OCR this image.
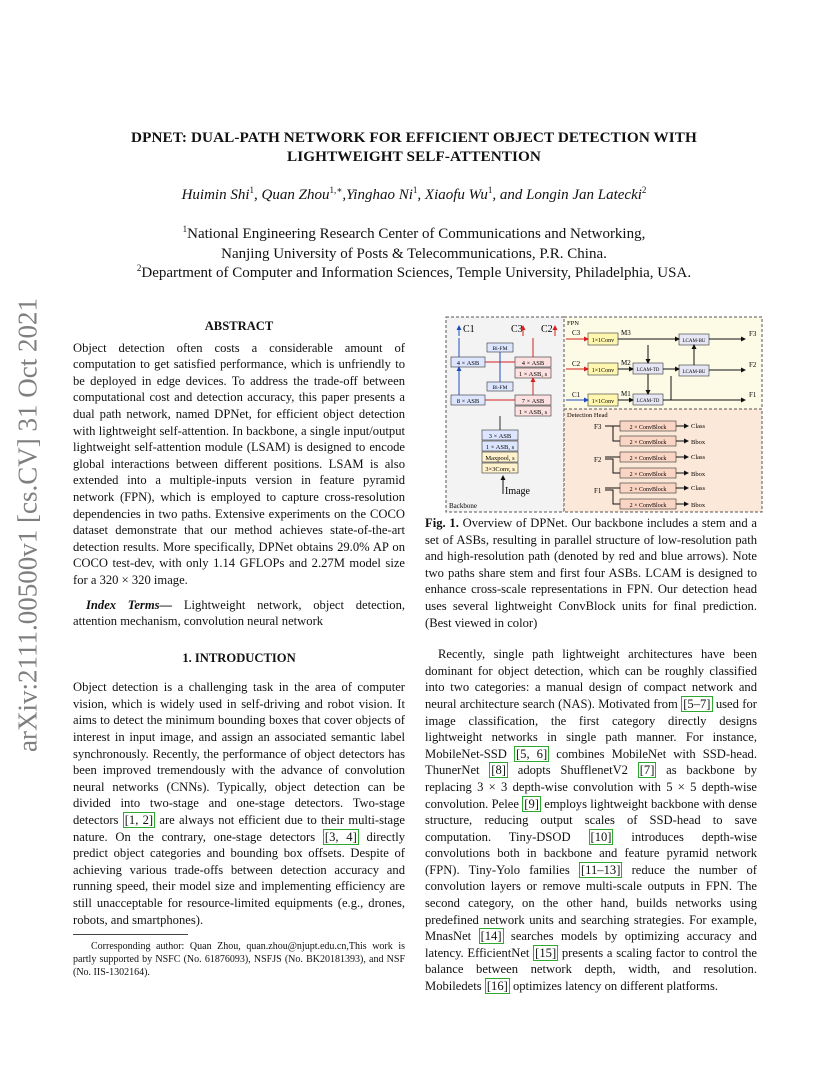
DPNET: DUAL-PATH NETWORK FOR EFFICIENT OBJECT DETECTION WITH
LIGHTWEIGHT SELF-ATTENTION
Huimin Shi$^1$, Quan Zhou$^{1,∗}$,Yinghao Ni$^1$, Xiaofu Wu$^1$, and Longin Jan Latecki$^2$
$^1$National Engineering Research Center of Communications and Networking,
Nanjing University of Posts & Telecommunications, P.R. China.
$^2$Department of Computer and Information Sciences, Temple University, Philadelphia, USA.
arXiv:2111.00500v1 [cs.CV] 31 Oct 2021	ABSTRACT

Object detection often costs a considerable amount of computation to get satisfied performance, which is unfriendly to be deployed in edge devices. To address the trade-off between computational cost and detection accuracy, this paper presents a dual path network, named DPNet, for efficient object detection with lightweight self-attention. In backbone, a single input/output lightweight self-attention module (LSAM) is designed to encode global interactions between different positions. LSAM is also extended into a multiple-inputs version in feature pyramid network (FPN), which is employed to capture cross-resolution dependencies in two paths. Extensive experiments on the COCO dataset demonstrate that our method achieves state-of-the-art detection results. More specifically, DPNet obtains 29.0% AP on COCO test-dev, with only 1.14 GFLOPs and 2.27M model size for a 320 × 320 image.

Index Terms— Lightweight network, object detection, attention mechanism, convolution neural network

1. INTRODUCTION

Object detection is a challenging task in the area of computer vision, which is widely used in self-driving and robot vision. It aims to detect the minimum bounding boxes that cover objects of interest in input image, and assign an associated semantic label synchronously. Recently, the performance of object detectors has been improved tremendously with the advance of convolution neural networks (CNNs). Typically, object detection can be divided into two-stage and one-stage detectors. Two-stage detectors [1, 2] are always not efficient due to their multi-stage nature. On the contrary, one-stage detectors [3, 4] directly predict object categories and bounding box offsets. Despite of achieving various trade-offs between detection accuracy and running speed, their model size and implementing efficiency are still unacceptable for resource-limited equipments (e.g., drones, robots, and smartphones).

Corresponding author: Quan Zhou, quan.zhou@njupt.edu.cn,This work is partly supported by NSFC (No. 61876093), NSFJS (No. BK20181393), and NSF (No. IIS-1302164).
C1	C3 C2
Bi-FM
4 × ASB	4 × ASB
1 × ASB, s
Bi-FM
8 × ASB	7 × ASB
1 × ASB, s
3 × ASB
1 × ASB, s
Maxpool, s
3×3Conv, s
Image
Backbone
FPN
C3
C2
C1
1×1Conv
1×1Conv
1×1Conv
M3
M2
M1
LCAM-BU
LCAM-TD	LCAM-BU
LCAM-TD
F3
F2
F1
Detection Head
F3
F2
F1
2 × ConvBlock
2 × ConvBlock
2 × ConvBlock
2 × ConvBlock
2 × ConvBlock
2 × ConvBlock
Class
Bbox
Class
Bbox
Class
Bbox

Fig. 1. Overview of DPNet. Our backbone includes a stem and a set of ASBs, resulting in parallel structure of low-resolution path and high-resolution path (denoted by red and blue arrows). Note two paths share stem and first four ASBs. LCAM is designed to enhance cross-scale representations in FPN. Our detection head uses several lightweight ConvBlock units for final prediction. (Best viewed in color)

Recently, single path lightweight architectures have been dominant for object detection, which can be roughly classified into two categories: a manual design of compact network and neural architecture search (NAS). Motivated from [5–7] used for image classification, the first category directly designs lightweight networks in single path manner. For instance, MobileNet-SSD [5, 6] combines MobileNet with SSD-head. ThunerNet [8] adopts ShufflenetV2 [7] as backbone by replacing 3 × 3 depth-wise convolution with 5 × 5 depth-wise convolution. Pelee [9] employs lightweight backbone with dense structure, reducing output scales of SSD-head to save computation. Tiny-DSOD [10] introduces depth-wise convolutions both in backbone and feature pyramid network (FPN). Tiny-Yolo families [11–13] reduce the number of convolution layers or remove multi-scale outputs in FPN. The second category, on the other hand, builds networks using predefined network units and searching strategies. For example, MnasNet [14] searches models by optimizing accuracy and latency. EfficientNet [15] presents a scaling factor to control the balance between network depth, width, and resolution. Mobiledets [16] optimizes latency on different platforms.
